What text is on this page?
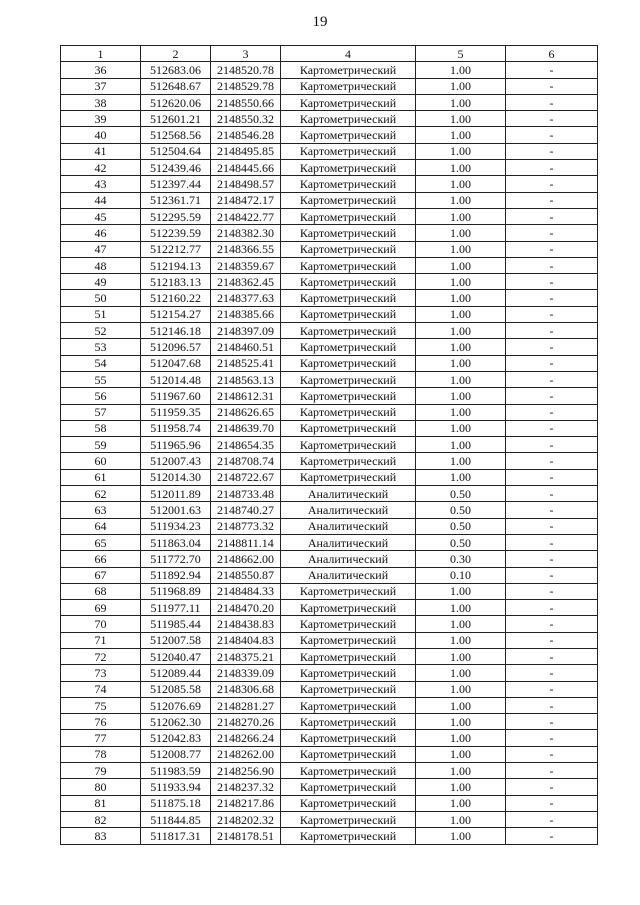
19
1	2	3	4	5	6
36	512683.06	2148520.78	Картометрический	1.00	-
37	512648.67	2148529.78	Картометрический	1.00	-
38	512620.06	2148550.66	Картометрический	1.00	-
39	512601.21	2148550.32	Картометрический	1.00	-
40	512568.56	2148546.28	Картометрический	1.00	-
41	512504.64	2148495.85	Картометрический	1.00	-
42	512439.46	2148445.66	Картометрический	1.00	-
43	512397.44	2148498.57	Картометрический	1.00	-
44	512361.71	2148472.17	Картометрический	1.00	-
45	512295.59	2148422.77	Картометрический	1.00	-
46	512239.59	2148382.30	Картометрический	1.00	-
47	512212.77	2148366.55	Картометрический	1.00	-
48	512194.13	2148359.67	Картометрический	1.00	-
49	512183.13	2148362.45	Картометрический	1.00	-
50	512160.22	2148377.63	Картометрический	1.00	-
51	512154.27	2148385.66	Картометрический	1.00	-
52	512146.18	2148397.09	Картометрический	1.00	-
53	512096.57	2148460.51	Картометрический	1.00	-
54	512047.68	2148525.41	Картометрический	1.00	-
55	512014.48	2148563.13	Картометрический	1.00	-
56	511967.60	2148612.31	Картометрический	1.00	-
57	511959.35	2148626.65	Картометрический	1.00	-
58	511958.74	2148639.70	Картометрический	1.00	-
59	511965.96	2148654.35	Картометрический	1.00	-
60	512007.43	2148708.74	Картометрический	1.00	-
61	512014.30	2148722.67	Картометрический	1.00	-
62	512011.89	2148733.48	Аналитический	0.50	-
63	512001.63	2148740.27	Аналитический	0.50	-
64	511934.23	2148773.32	Аналитический	0.50	-
65	511863.04	2148811.14	Аналитический	0.50	-
66	511772.70	2148662.00	Аналитический	0.30	-
67	511892.94	2148550.87	Аналитический	0.10	-
68	511968.89	2148484.33	Картометрический	1.00	-
69	511977.11	2148470.20	Картометрический	1.00	-
70	511985.44	2148438.83	Картометрический	1.00	-
71	512007.58	2148404.83	Картометрический	1.00	-
72	512040.47	2148375.21	Картометрический	1.00	-
73	512089.44	2148339.09	Картометрический	1.00	-
74	512085.58	2148306.68	Картометрический	1.00	-
75	512076.69	2148281.27	Картометрический	1.00	-
76	512062.30	2148270.26	Картометрический	1.00	-
77	512042.83	2148266.24	Картометрический	1.00	-
78	512008.77	2148262.00	Картометрический	1.00	-
79	511983.59	2148256.90	Картометрический	1.00	-
80	511933.94	2148237.32	Картометрический	1.00	-
81	511875.18	2148217.86	Картометрический	1.00	-
82	511844.85	2148202.32	Картометрический	1.00	-
83	511817.31	2148178.51	Картометрический	1.00	-
